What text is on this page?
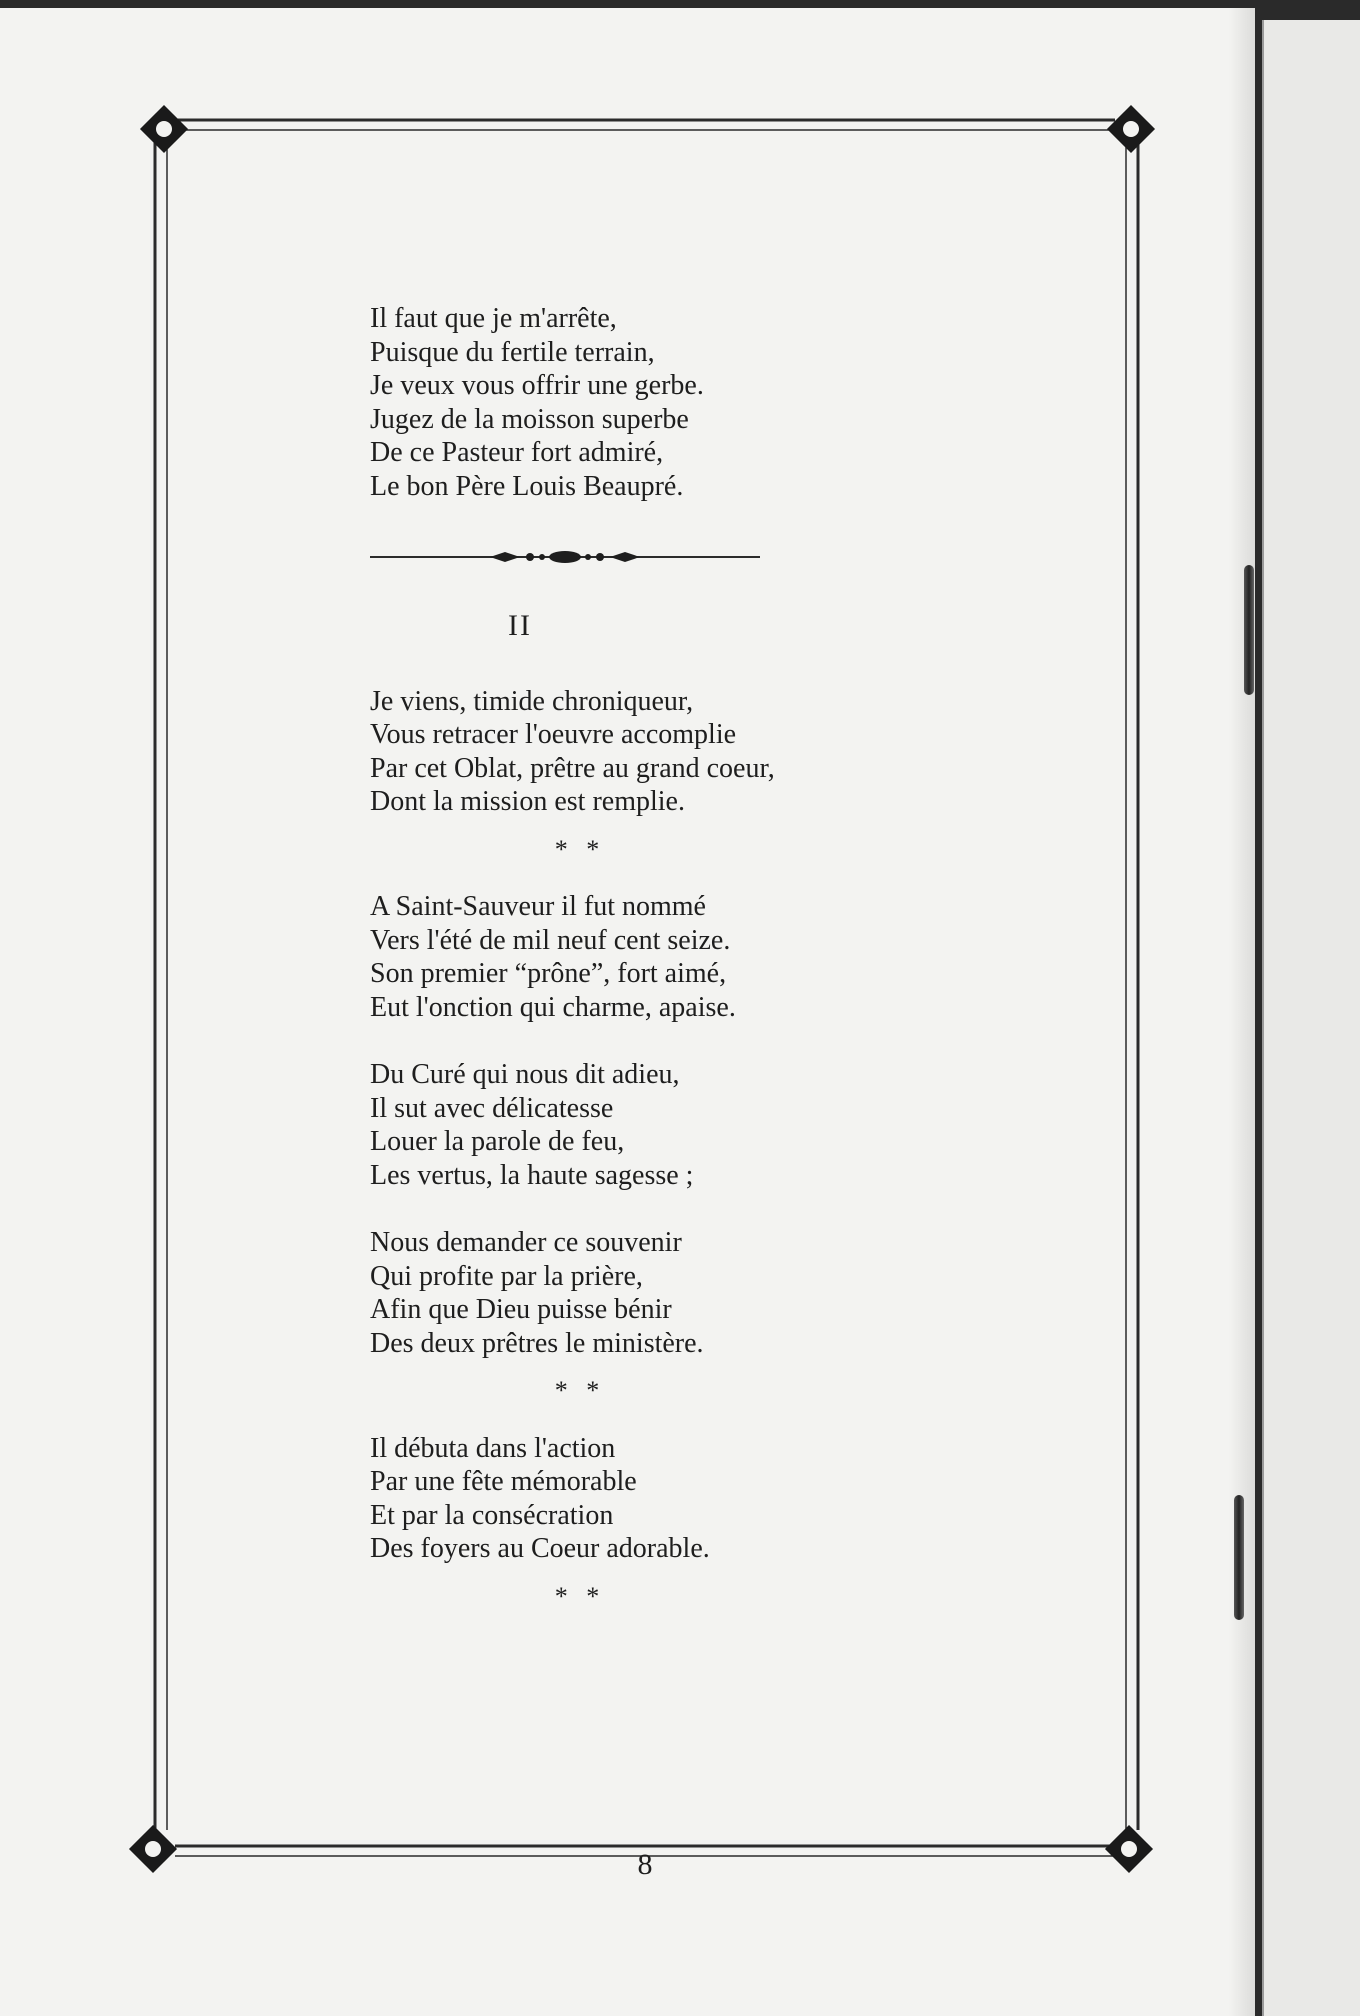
Il faut que je m'arrête,
Puisque du fertile terrain,
Je veux vous offrir une gerbe.
Jugez de la moisson superbe
De ce Pasteur fort admiré,
Le bon Père Louis Beaupré.
II
Je viens, timide chroniqueur,
Vous retracer l'oeuvre accomplie
Par cet Oblat, prêtre au grand coeur,
Dont la mission est remplie.
* *
A Saint-Sauveur il fut nommé
Vers l'été de mil neuf cent seize.
Son premier “prône”, fort aimé,
Eut l'onction qui charme, apaise.
Du Curé qui nous dit adieu,
Il sut avec délicatesse
Louer la parole de feu,
Les vertus, la haute sagesse ;
Nous demander ce souvenir
Qui profite par la prière,
Afin que Dieu puisse bénir
Des deux prêtres le ministère.
* *
Il débuta dans l'action
Par une fête mémorable
Et par la consécration
Des foyers au Coeur adorable.
* *
8
